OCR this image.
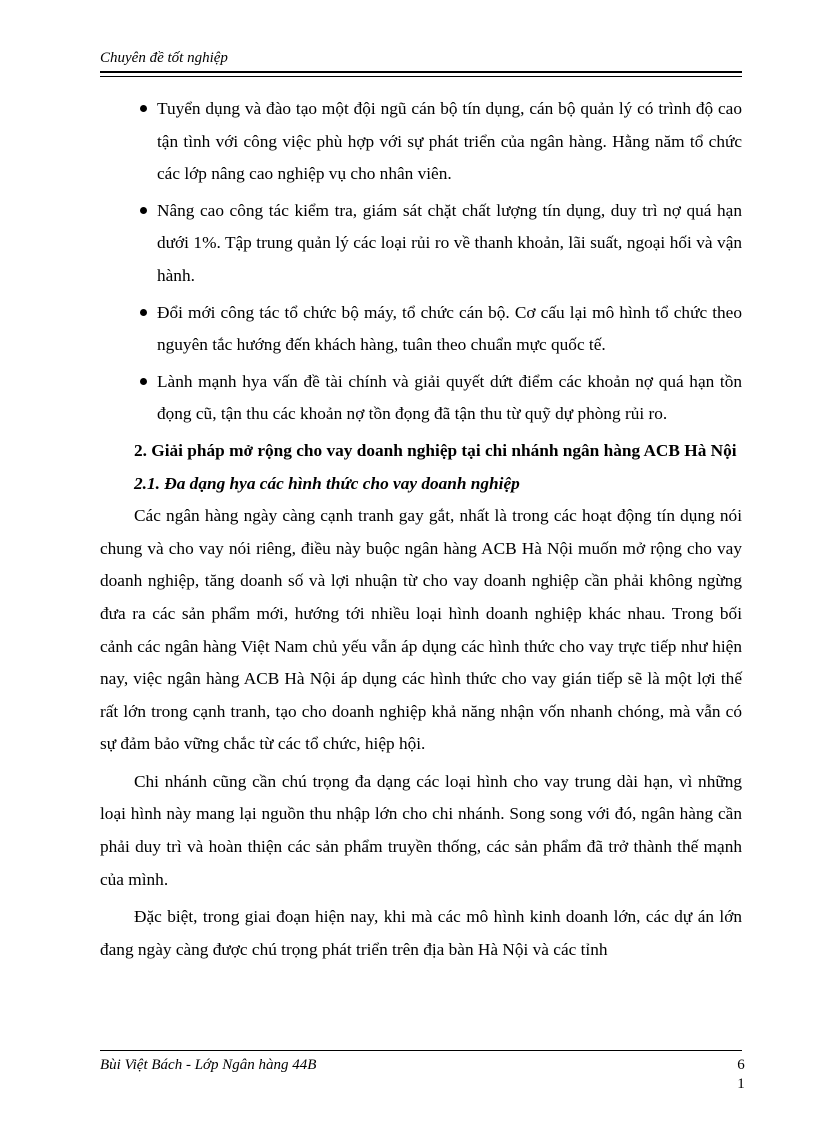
Chuyên đề tốt nghiệp
Tuyển dụng và đào tạo một đội ngũ cán bộ tín dụng, cán bộ quản lý có trình độ cao tận tình với công việc phù hợp với sự phát triển của ngân hàng. Hằng năm tổ chức các lớp nâng cao nghiệp vụ cho nhân viên.
Nâng cao công tác kiểm tra, giám sát chặt chất lượng tín dụng, duy trì nợ quá hạn dưới 1%. Tập trung quản lý các loại rủi ro về thanh khoản, lãi suất, ngoại hối và vận hành.
Đổi mới công tác tổ chức bộ máy, tổ chức cán bộ. Cơ cấu lại mô hình tổ chức theo nguyên tắc hướng đến khách hàng, tuân theo chuẩn mực quốc tế.
Lành mạnh hya vấn đề tài chính và giải quyết dứt điểm các khoản nợ quá hạn tồn đọng cũ, tận thu các khoản nợ tồn đọng đã tận thu từ quỹ dự phòng rủi ro.

2. Giải pháp mở rộng cho vay doanh nghiệp tại chi nhánh ngân hàng ACB Hà Nội

2.1. Đa dạng hya các hình thức cho vay doanh nghiệp

Các ngân hàng ngày càng cạnh tranh gay gắt, nhất là trong các hoạt động tín dụng nói chung và cho vay nói riêng, điều này buộc ngân hàng ACB Hà Nội muốn mở rộng cho vay doanh nghiệp, tăng doanh số và lợi nhuận từ cho vay doanh nghiệp cần phải không ngừng đưa ra các sản phẩm mới, hướng tới nhiều loại hình doanh nghiệp khác nhau. Trong bối cảnh các ngân hàng Việt Nam chủ yếu vẫn áp dụng các hình thức cho vay trực tiếp như hiện nay, việc ngân hàng ACB Hà Nội áp dụng các hình thức cho vay gián tiếp sẽ là một lợi thế rất lớn trong cạnh tranh, tạo cho doanh nghiệp khả năng nhận vốn nhanh chóng, mà vẫn có sự đảm bảo vững chắc từ các tổ chức, hiệp hội.

Chi nhánh cũng cần chú trọng đa dạng các loại hình cho vay trung dài hạn, vì những loại hình này mang lại nguồn thu nhập lớn cho chi nhánh. Song song với đó, ngân hàng cần phải duy trì và hoàn thiện các sản phẩm truyền thống, các sản phẩm đã trở thành thế mạnh của mình.

Đặc biệt, trong giai đoạn hiện nay, khi mà các mô hình kinh doanh lớn, các dự án lớn đang ngày càng được chú trọng phát triển trên địa bàn Hà Nội và các tỉnh

Bùi Việt Bách - Lớp Ngân hàng 44B	6
1
